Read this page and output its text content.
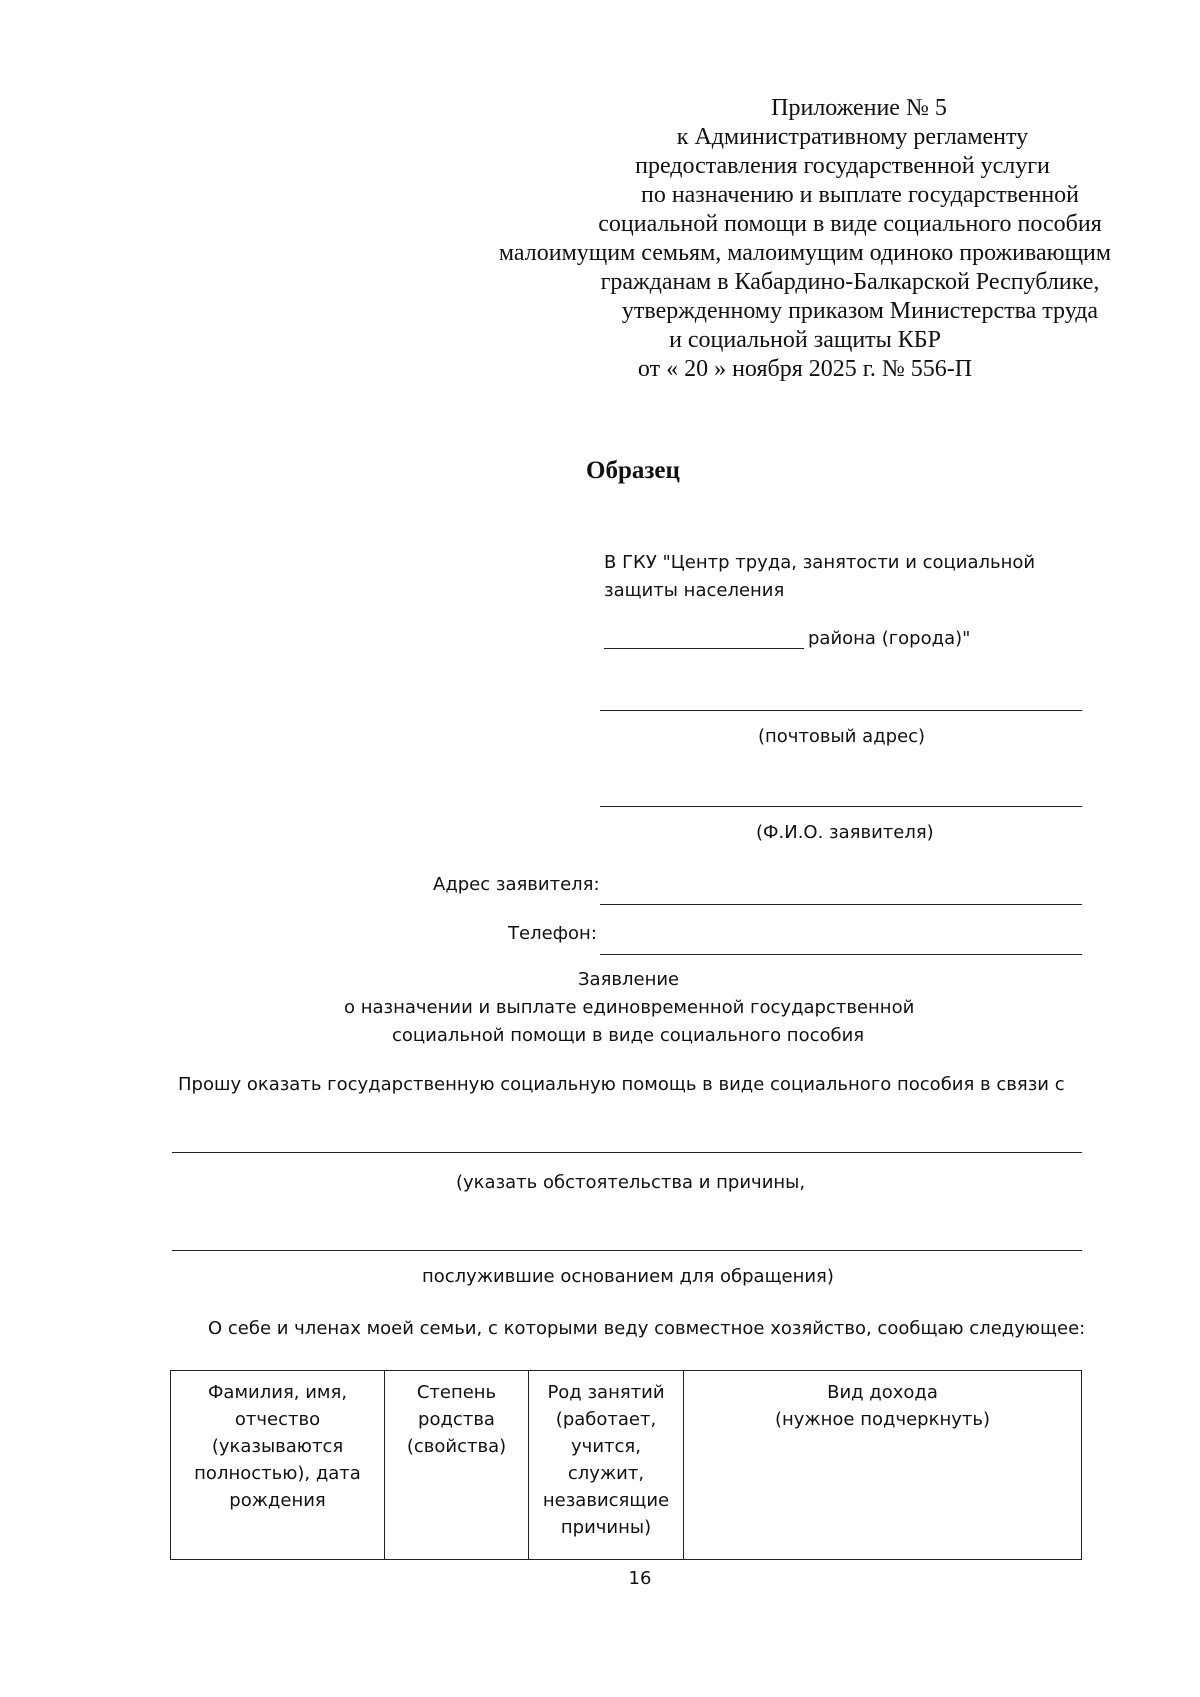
Приложение № 5
к Административному регламенту
предоставления государственной услуги
по назначению и выплате государственной
социальной помощи в виде социального пособия
малоимущим семьям, малоимущим одиноко проживающим
гражданам в Кабардино-Балкарской Республике,
утвержденному приказом Министерства труда
и социальной защиты КБР
от « 20 » ноября 2025 г. № 556-П
Образец
В ГКУ "Центр труда, занятости и социальной
защиты населения
района (города)"
(почтовый адрес)
(Ф.И.О. заявителя)
Адрес заявителя:
Телефон:
Заявление
о назначении и выплате единовременной государственной
социальной помощи в виде социального пособия
Прошу оказать государственную социальную помощь в виде социального пособия в связи с
(указать обстоятельства и причины,
послужившие основанием для обращения)
О себе и членах моей семьи, с которыми веду совместное хозяйство, сообщаю следующее:
Фамилия, имя,
отчество
(указываются
полностью), дата
рождения
Степень
родства
(свойства)
Род занятий
(работает,
учится,
служит,
независящие
причины)
Вид дохода
(нужное подчеркнуть)
16
